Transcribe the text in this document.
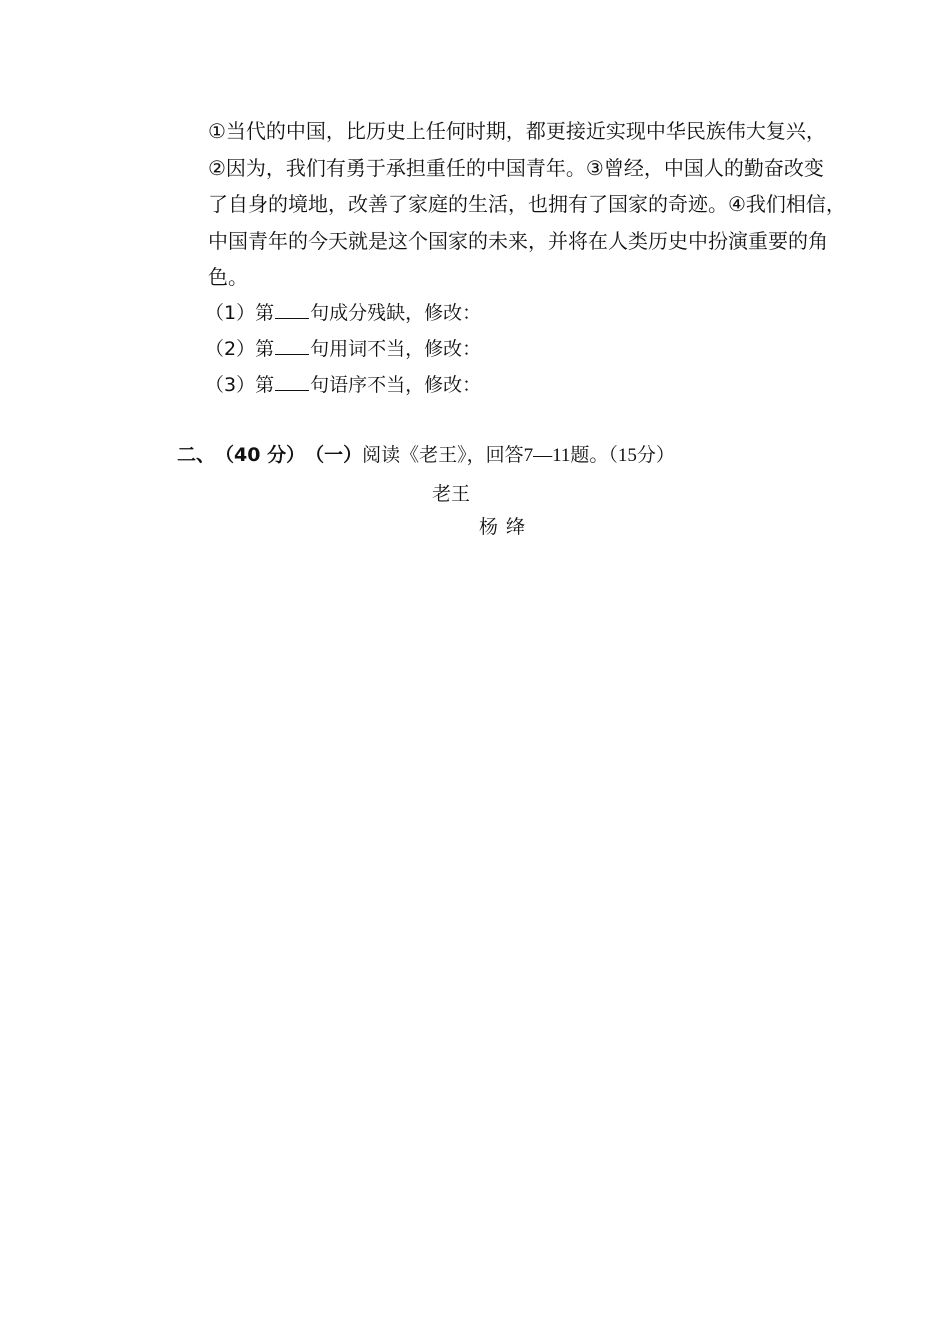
①当代的中国，比历史上任何时期，都更接近实现中华民族伟大复兴，
②因为，我们有勇于承担重任的中国青年。③曾经，中国人的勤奋改变
了自身的境地，改善了家庭的生活，也拥有了国家的奇迹。④我们相信，
中国青年的今天就是这个国家的未来，并将在人类历史中扮演重要的角
色。
（1）第 句成分残缺，修改：
（2）第 句用词不当，修改：
（3）第 句语序不当，修改：
二、 （40 分） （一） 阅读《老王》，回答 7—11 题。（ 15 分）
老王
杨绛
